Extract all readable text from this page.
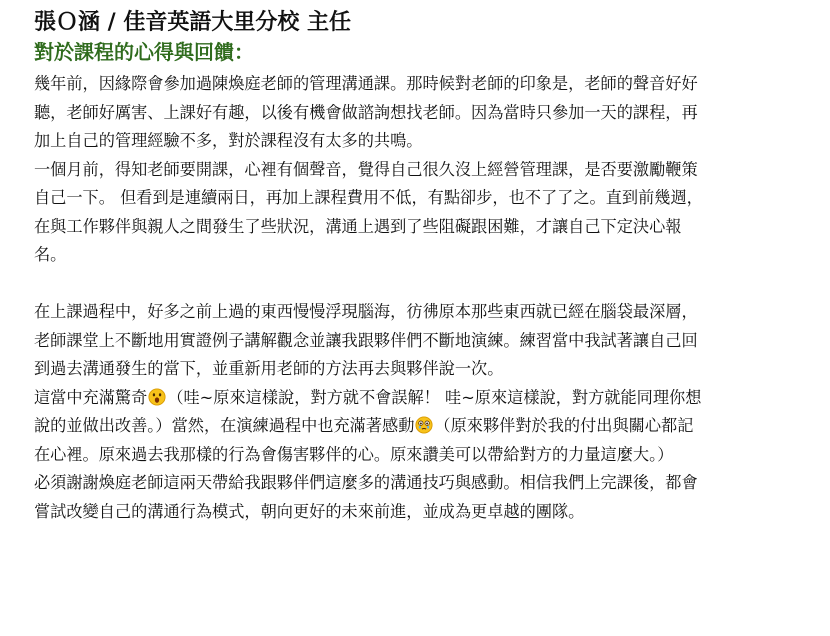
張Ｏ涵 / 佳音英語大里分校 主任
對於課程的心得與回饋：
幾年前，因緣際會參加過陳煥庭老師的管理溝通課。那時候對老師的印象是，老師的聲音好好
聽，老師好厲害、上課好有趣，以後有機會做諮詢想找老師。因為當時只參加一天的課程，再
加上自己的管理經驗不多，對於課程沒有太多的共鳴。
一個月前，得知老師要開課，心裡有個聲音，覺得自己很久沒上經營管理課，是否要激勵鞭策
自己一下。 但看到是連續兩日，再加上課程費用不低，有點卻步，也不了了之。直到前幾週，
在與工作夥伴與親人之間發生了些狀況，溝通上遇到了些阻礙跟困難，才讓自己下定決心報
名。
在上課過程中，好多之前上過的東西慢慢浮現腦海，彷彿原本那些東西就已經在腦袋最深層，
老師課堂上不斷地用實證例子講解觀念並讓我跟夥伴們不斷地演練。練習當中我試著讓自己回
到過去溝通發生的當下，並重新用老師的方法再去與夥伴說一次。
這當中充滿驚奇 （哇~原來這樣說，對方就不會誤解！ 哇~原來這樣說，對方就能同理你想
說的並做出改善。）當然，在演練過程中也充滿著感動 （原來夥伴對於我的付出與關心都記
在心裡。原來過去我那樣的行為會傷害夥伴的心。原來讚美可以帶給對方的力量這麼大。）
必須謝謝煥庭老師這兩天帶給我跟夥伴們這麼多的溝通技巧與感動。相信我們上完課後，都會
嘗試改變自己的溝通行為模式，朝向更好的未來前進，並成為更卓越的團隊。
